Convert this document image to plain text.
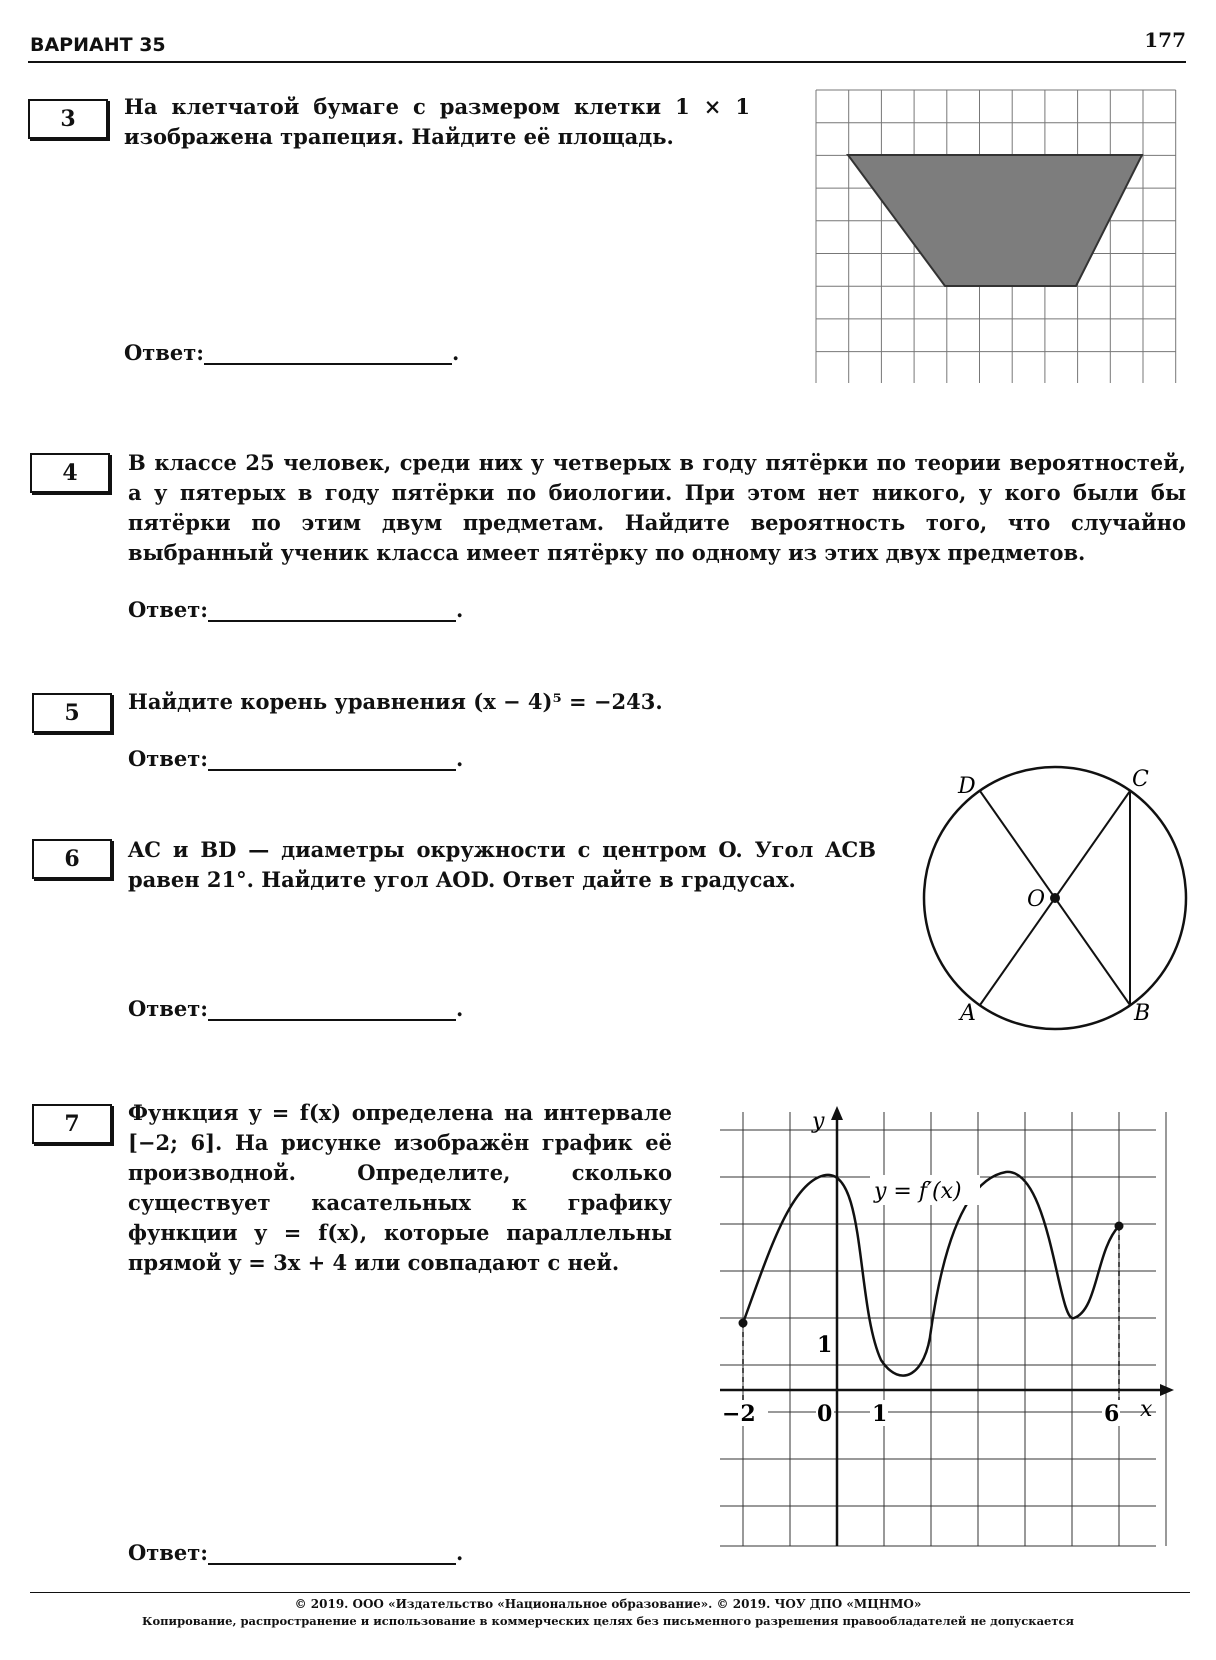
ВАРИАНТ 35	177
3	На клетчатой бумаге с размером клетки 1 × 1 изображена трапеция. Найдите её площадь.
Ответ:	.
4	В классе 25 человек, среди них у четверых в году пятёрки по теории вероятностей, а у пятерых в году пятёрки по биологии. При этом нет никого, у кого были бы пятёрки по этим двум предметам. Найдите вероятность того, что случайно выбранный ученик класса имеет пятёрку по одному из этих двух предметов.
Ответ:	.
5	Найдите корень уравнения (x − 4)⁵ = −243.
Ответ:	.
6	AC и BD — диаметры окружности с центром O. Угол ACB равен 21°. Найдите угол AOD. Ответ дайте в градусах.
Ответ:	.
D	C
O
A	B
7	Функция y = f(x) определена на интервале [−2; 6]. На рисунке изображён график её производной. Определите, сколько существует касательных к графику функции y = f(x), которые параллельны прямой y = 3x + 4 или совпадают с ней.
Ответ:	.
y = f′(x)
y
x
−2	0 1	6
1
© 2019. ООО «Издательство «Национальное образование». © 2019. ЧОУ ДПО «МЦНМО»
Копирование, распространение и использование в коммерческих целях без письменного разрешения правообладателей не допускается
